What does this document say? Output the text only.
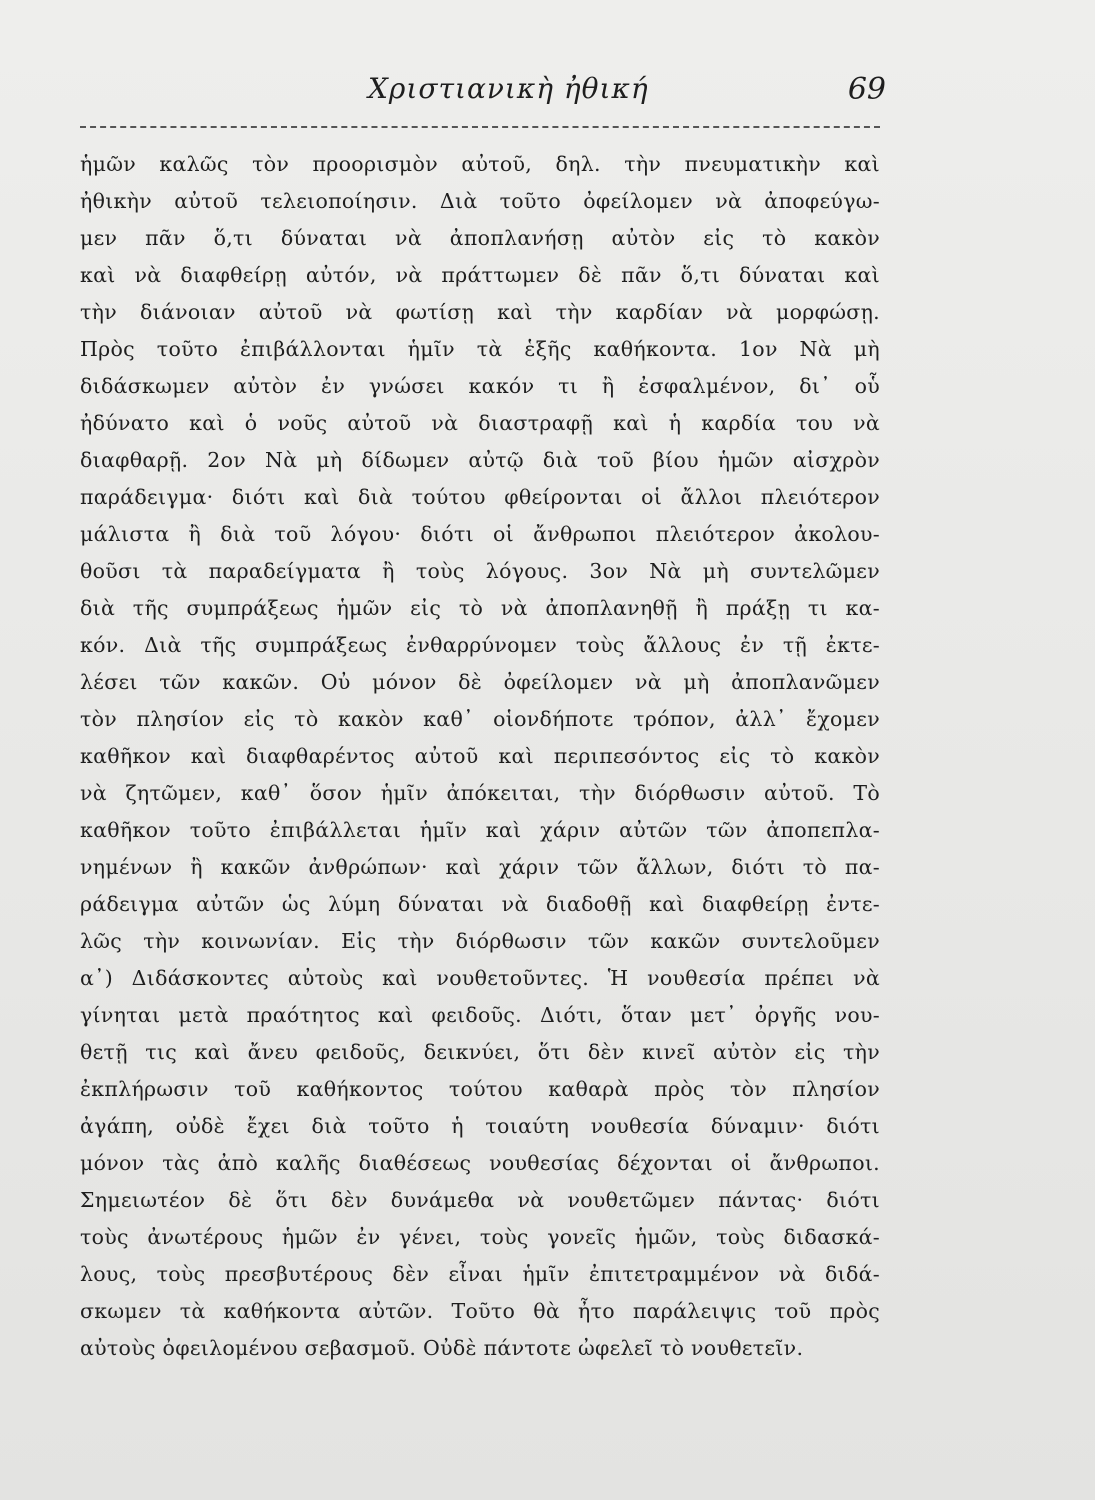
Χριστιανικὴ ἠθική	69
ἡμῶν καλῶς τὸν προορισμὸν αὐτοῦ, δηλ. τὴν πνευματικὴν καὶ
ἠθικὴν αὐτοῦ τελειοποίησιν. Διὰ τοῦτο ὀφείλομεν νὰ ἀποφεύγω-
μεν πᾶν ὅ,τι δύναται νὰ ἀποπλανήσῃ αὐτὸν εἰς τὸ κακὸν
καὶ νὰ διαφθείρῃ αὐτόν, νὰ πράττωμεν δὲ πᾶν ὅ,τι δύναται καὶ
τὴν διάνοιαν αὐτοῦ νὰ φωτίσῃ καὶ τὴν καρδίαν νὰ μορφώσῃ.
Πρὸς τοῦτο ἐπιβάλλονται ἡμῖν τὰ ἑξῆς καθήκοντα. 1ον Νὰ μὴ
διδάσκωμεν αὐτὸν ἐν γνώσει κακόν τι ἢ ἐσφαλμένον, δι᾽ οὗ
ἠδύνατο καὶ ὁ νοῦς αὐτοῦ νὰ διαστραφῇ καὶ ἡ καρδία του νὰ
διαφθαρῇ. 2ον Νὰ μὴ δίδωμεν αὐτῷ διὰ τοῦ βίου ἡμῶν αἰσχρὸν
παράδειγμα· διότι καὶ διὰ τούτου φθείρονται οἱ ἄλλοι πλειότερον
μάλιστα ἢ διὰ τοῦ λόγου· διότι οἱ ἄνθρωποι πλειότερον ἀκολου-
θοῦσι τὰ παραδείγματα ἢ τοὺς λόγους. 3ον Νὰ μὴ συντελῶμεν
διὰ τῆς συμπράξεως ἡμῶν εἰς τὸ νὰ ἀποπλανηθῇ ἢ πράξῃ τι κα-
κόν. Διὰ τῆς συμπράξεως ἐνθαρρύνομεν τοὺς ἄλλους ἐν τῇ ἐκτε-
λέσει τῶν κακῶν. Οὐ μόνον δὲ ὀφείλομεν νὰ μὴ ἀποπλανῶμεν
τὸν πλησίον εἰς τὸ κακὸν καθ᾽ οἱονδήποτε τρόπον, ἀλλ᾽ ἔχομεν
καθῆκον καὶ διαφθαρέντος αὐτοῦ καὶ περιπεσόντος εἰς τὸ κακὸν
νὰ ζητῶμεν, καθ᾽ ὅσον ἡμῖν ἀπόκειται, τὴν διόρθωσιν αὐτοῦ. Τὸ
καθῆκον τοῦτο ἐπιβάλλεται ἡμῖν καὶ χάριν αὐτῶν τῶν ἀποπεπλα-
νημένων ἢ κακῶν ἀνθρώπων· καὶ χάριν τῶν ἄλλων, διότι τὸ πα-
ράδειγμα αὐτῶν ὡς λύμη δύναται νὰ διαδοθῇ καὶ διαφθείρῃ ἐντε-
λῶς τὴν κοινωνίαν. Εἰς τὴν διόρθωσιν τῶν κακῶν συντελοῦμεν
α᾽) Διδάσκοντες αὐτοὺς καὶ νουθετοῦντες. Ἡ νουθεσία πρέπει νὰ
γίνηται μετὰ πραότητος καὶ φειδοῦς. Διότι, ὅταν μετ᾽ ὀργῆς νου-
θετῇ τις καὶ ἄνευ φειδοῦς, δεικνύει, ὅτι δὲν κινεῖ αὐτὸν εἰς τὴν
ἐκπλήρωσιν τοῦ καθήκοντος τούτου καθαρὰ πρὸς τὸν πλησίον
ἀγάπη, οὐδὲ ἔχει διὰ τοῦτο ἡ τοιαύτη νουθεσία δύναμιν· διότι
μόνον τὰς ἀπὸ καλῆς διαθέσεως νουθεσίας δέχονται οἱ ἄνθρωποι.
Σημειωτέον δὲ ὅτι δὲν δυνάμεθα νὰ νουθετῶμεν πάντας· διότι
τοὺς ἀνωτέρους ἡμῶν ἐν γένει, τοὺς γονεῖς ἡμῶν, τοὺς διδασκά-
λους, τοὺς πρεσβυτέρους δὲν εἶναι ἡμῖν ἐπιτετραμμένον νὰ διδά-
σκωμεν τὰ καθήκοντα αὐτῶν. Τοῦτο θὰ ἦτο παράλειψις τοῦ πρὸς
αὐτοὺς ὀφειλομένου σεβασμοῦ. Οὐδὲ πάντοτε ὠφελεῖ τὸ νουθετεῖν.
